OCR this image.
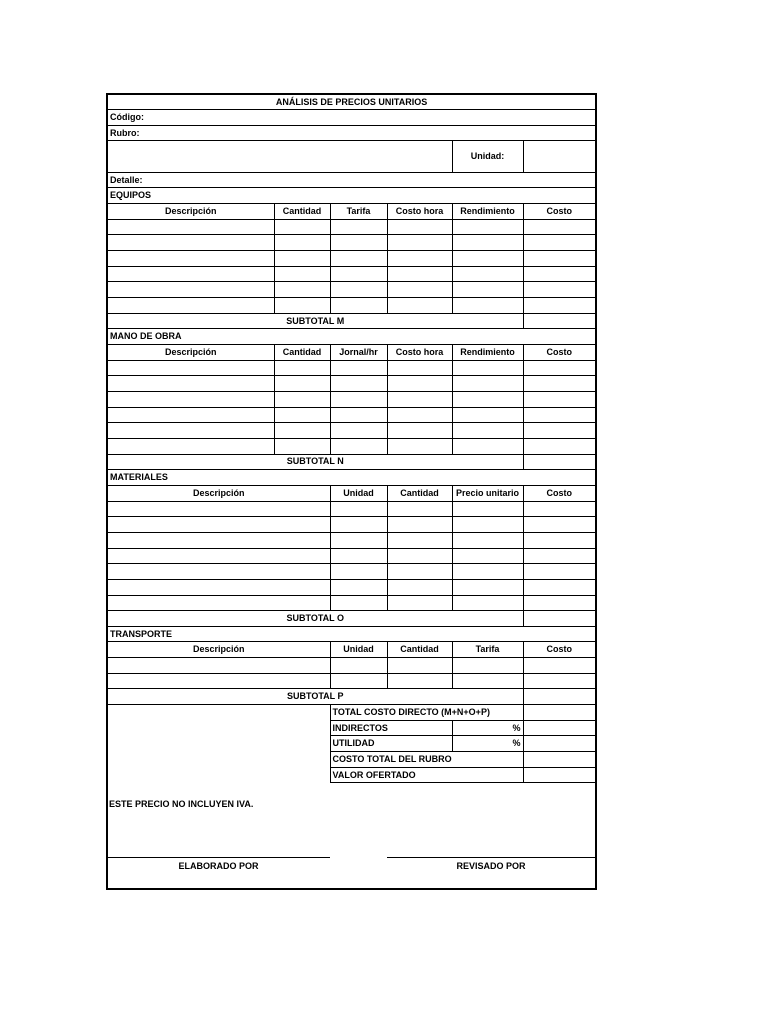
ANÁLISIS DE PRECIOS UNITARIOS					
Código:					
Rubro:					
				Unidad:	
Detalle:					
EQUIPOS					
Descripción	Cantidad	Tarifa	Costo hora	Rendimiento	Costo

SUBTOTAL M					
MANO DE OBRA					
Descripción	Cantidad	Jornal/hr	Costo hora	Rendimiento	Costo

SUBTOTAL N					
MATERIALES					
Descripción		Unidad	Cantidad	Precio unitario	Costo

SUBTOTAL O					
TRANSPORTE					
Descripción		Unidad	Cantidad	Tarifa	Costo

SUBTOTAL P					
		TOTAL COSTO DIRECTO (M+N+O+P)			
		INDIRECTOS		%	
		UTILIDAD		%	
		COSTO TOTAL DEL RUBRO			
		VALOR OFERTADO			

ESTE PRECIO NO INCLUYEN IVA.
ELABORADO POR REVISADO POR					
